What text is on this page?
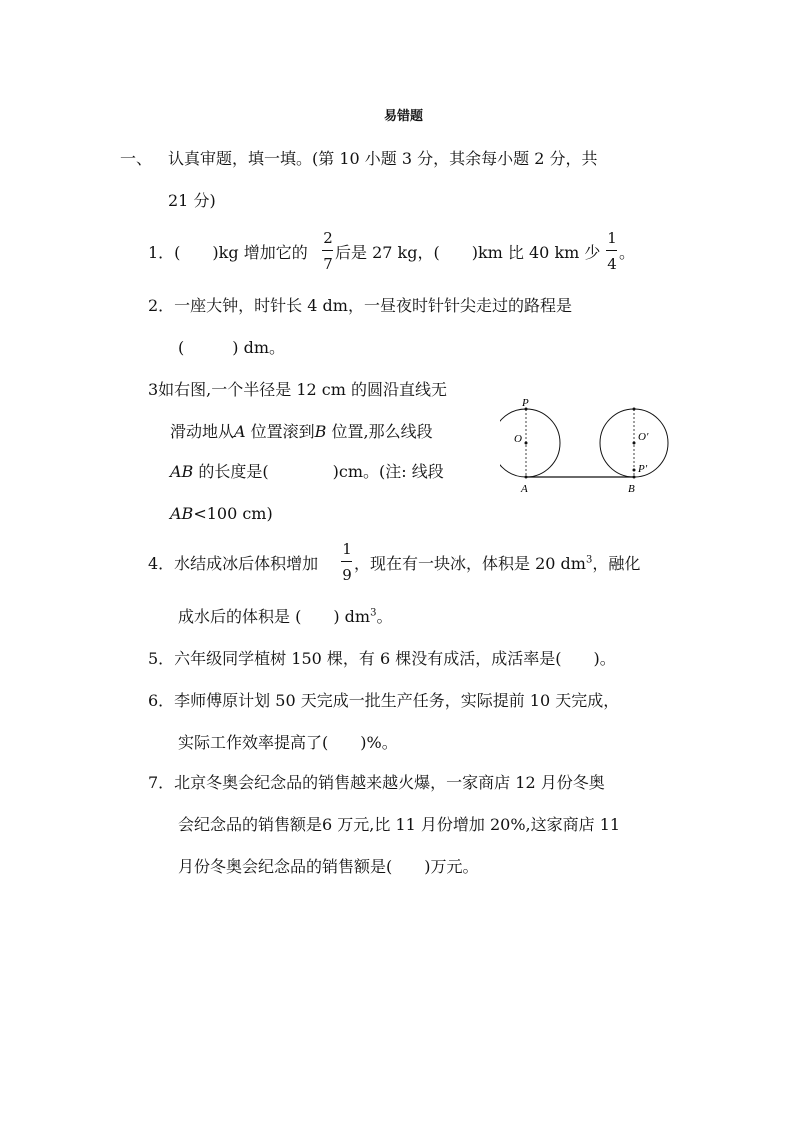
易错题
一、 认真审题，填一填。(第 10 小题 3 分，其余每小题 2 分，共
21 分)
1．(　　)kg 增加它的
2
7
后是 27 kg，(　　)km 比 40 km 少
1
4
。
2．一座大钟，时针长 4 dm，一昼夜时针针尖走过的路程是
(　　　) dm。
3如右图,一个半径是 12 cm 的圆沿直线无
滑动地从A 位置滚到B 位置,那么线段
AB 的长度是(　　　　)cm。(注: 线段
AB<100 cm)
P
O
A
O′
P′
B
4．水结成冰后体积增加
1
9
，现在有一块冰，体积是 20 $dm^3$，融化
成水后的体积是 (　　) $dm^3$。
5．六年级同学植树 150 棵，有 6 棵没有成活，成活率是(　　)。
6．李师傅原计划 50 天完成一批生产任务，实际提前 10 天完成，
实际工作效率提高了(　　)%。
7．北京冬奥会纪念品的销售越来越火爆，一家商店 12 月份冬奥
会纪念品的销售额是6 万元,比 11 月份增加 20%,这家商店 11
月份冬奥会纪念品的销售额是(　　)万元。
